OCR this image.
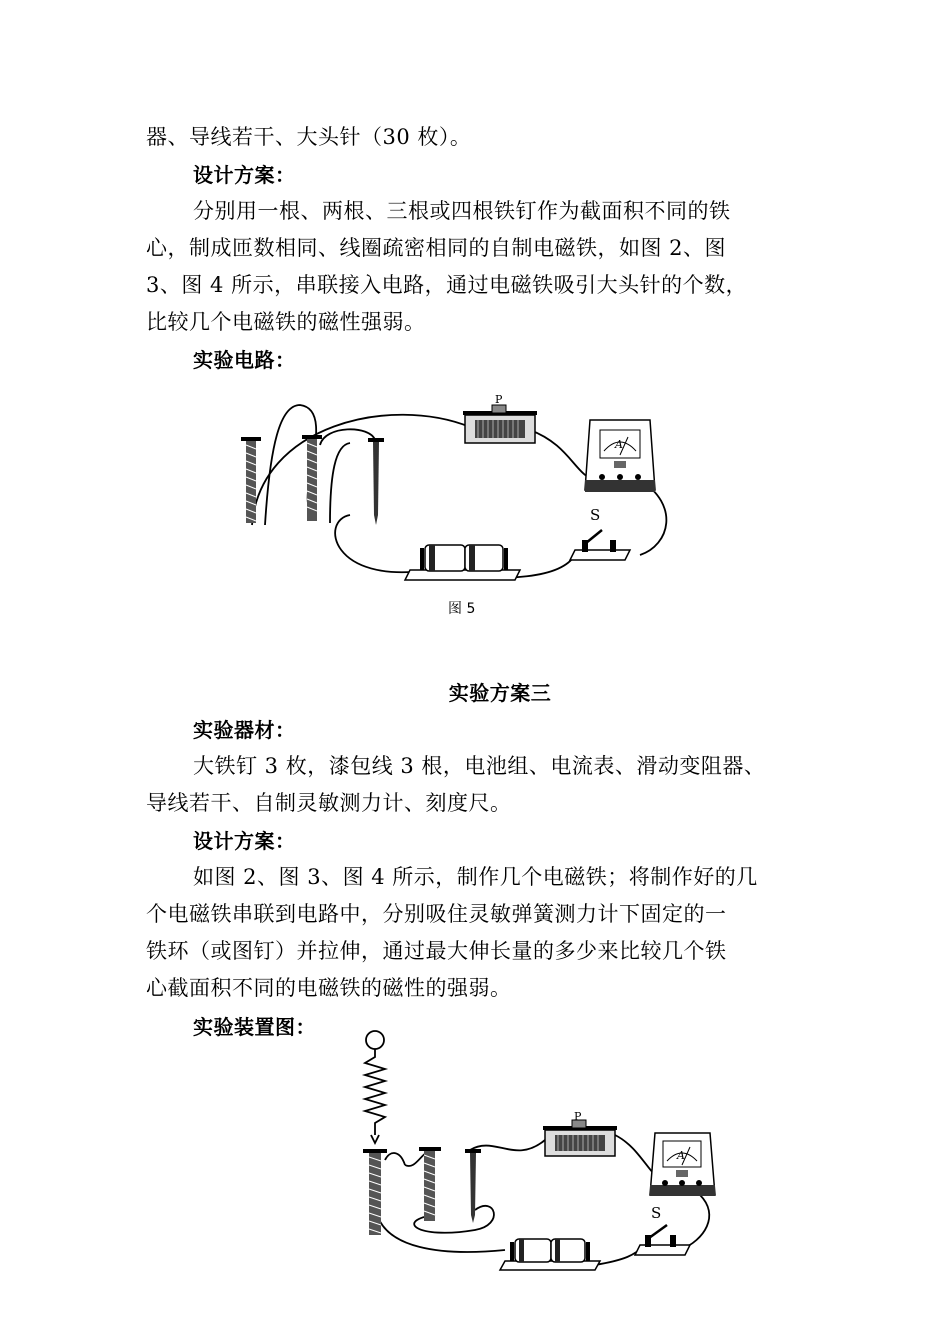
器、导线若干、大头针（30 枚）。

设计方案：

分别用一根、两根、三根或四根铁钉作为截面积不同的铁

心，制成匝数相同、线圈疏密相同的自制电磁铁，如图 2、图

3、图 4 所示，串联接入电路，通过电磁铁吸引大头针的个数，

比较几个电磁铁的磁性强弱。

实验电路：

P
A
S
图 5

实验方案三

实验器材：

大铁钉 3 枚，漆包线 3 根，电池组、电流表、滑动变阻器、

导线若干、自制灵敏测力计、刻度尺。

设计方案：

如图 2、图 3、图 4 所示，制作几个电磁铁；将制作好的几

个电磁铁串联到电路中，分别吸住灵敏弹簧测力计下固定的一

铁环（或图钉）并拉伸，通过最大伸长量的多少来比较几个铁

心截面积不同的电磁铁的磁性的强弱。

实验装置图：

P
A
S
